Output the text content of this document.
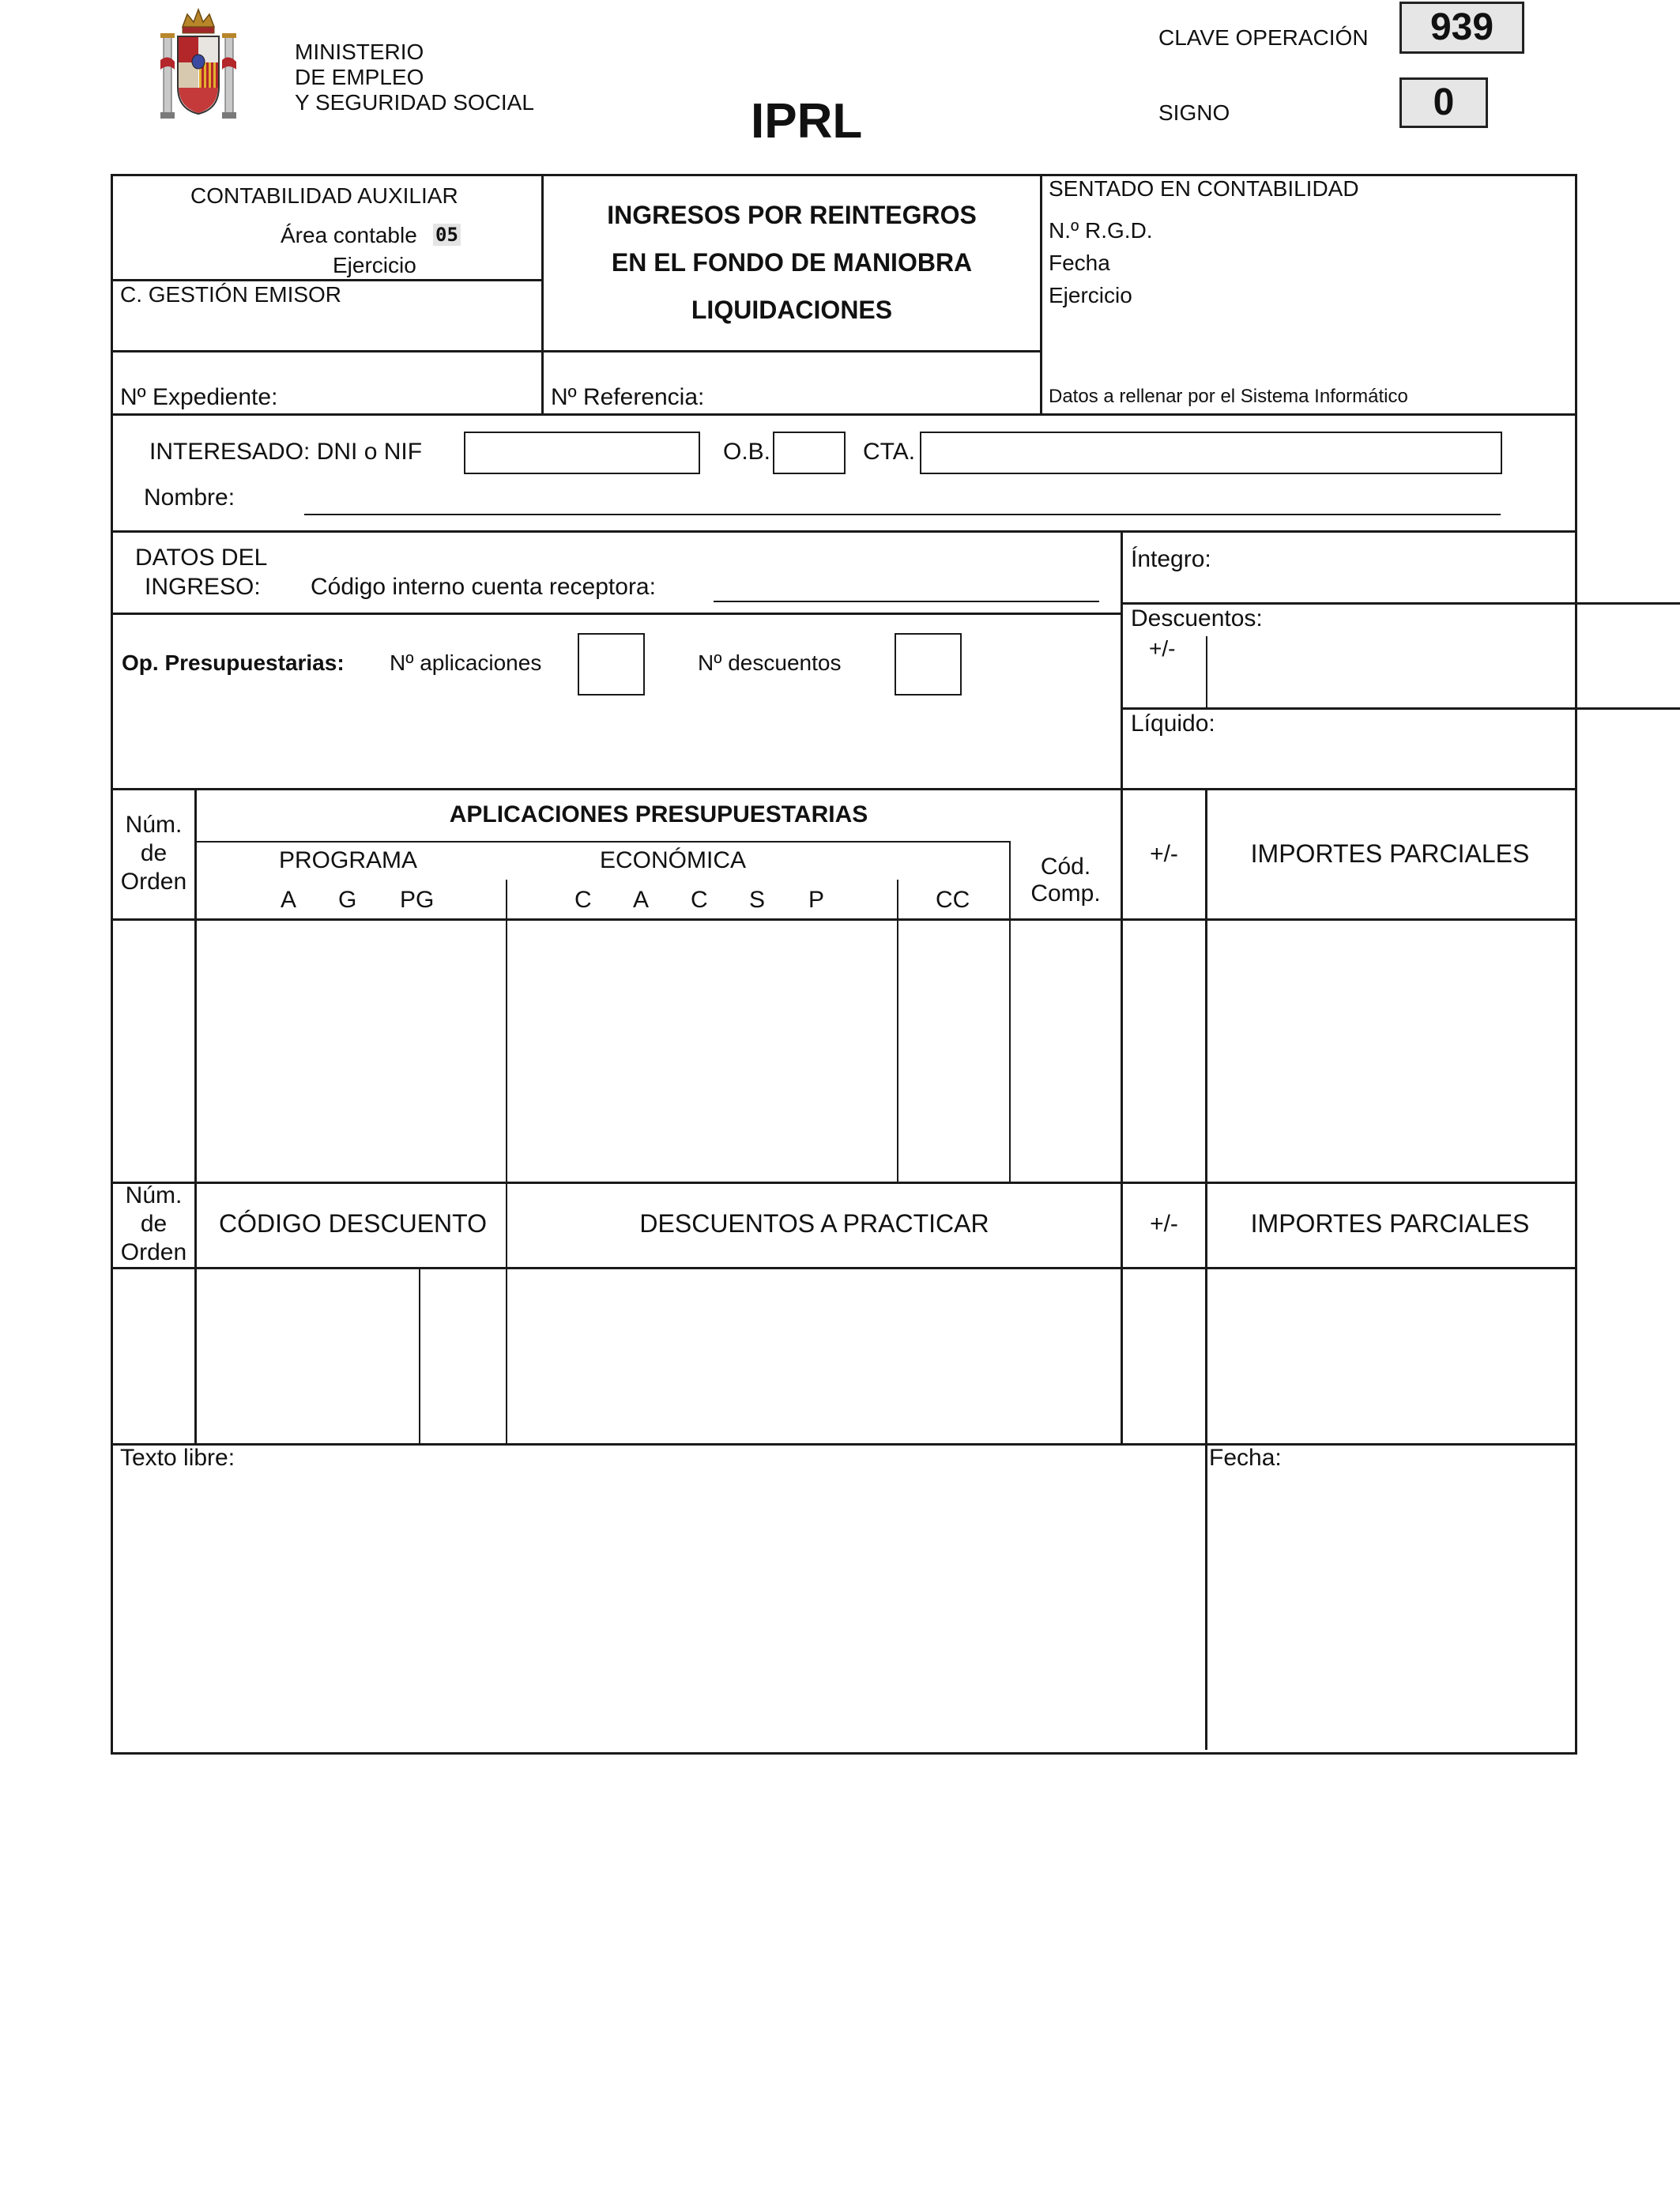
MINISTERIO
DE EMPLEO
Y SEGURIDAD SOCIAL	IPRL
CLAVE OPERACIÓN	939
SIGNO	0
CONTABILIDAD AUXILIAR
Área contable 05
Ejercicio
C. GESTIÓN EMISOR
INGRESOS POR REINTEGROS
EN EL FONDO DE MANIOBRA
LIQUIDACIONES
SENTADO EN CONTABILIDAD
N.º R.G.D.
Fecha
Ejercicio
Nº Expediente:	Nº Referencia:	Datos a rellenar por el Sistema Informático
INTERESADO: DNI o NIF	O.B.	CTA.
Nombre:
DATOS DEL
INGRESO: Código interno cuenta receptora:
Op. Presupuestarias: Nº aplicaciones	Nº descuentos
Íntegro:
Descuentos:
+/-
Líquido:
Núm.
de
Orden
APLICACIONES PRESUPUESTARIAS
PROGRAMA
A G PG
ECONÓMICA
C A C S P	CC
Cód.
Comp.
+/-	IMPORTES PARCIALES
Núm.
de
Orden
CÓDIGO DESCUENTO	DESCUENTOS A PRACTICAR	+/-	IMPORTES PARCIALES
Texto libre:	Fecha:
